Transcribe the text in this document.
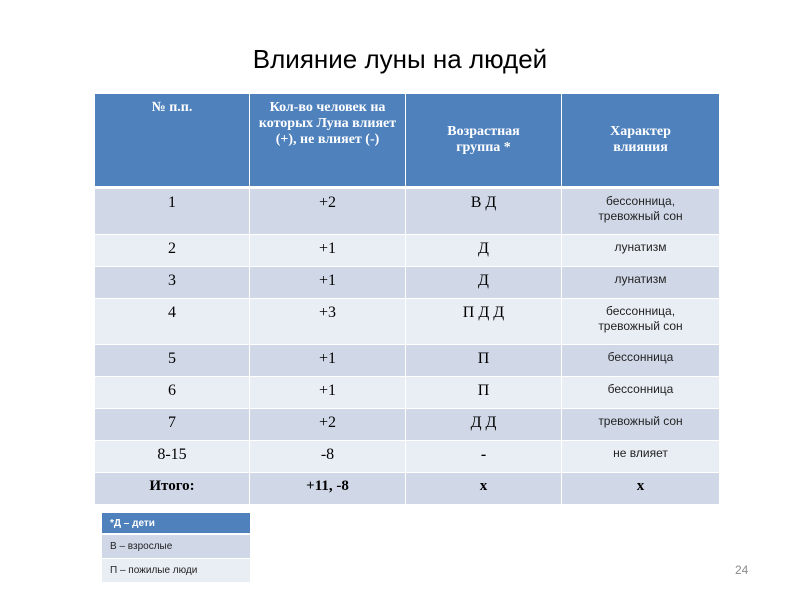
Влияние луны на людей
№ п.п.	Кол-во человек на которых Луна влияет (+), не влияет (-)	Возрастная группа *	Характер влияния
1	+2	В Д	бессонница, тревожный сон
2	+1	Д	лунатизм
3	+1	Д	лунатизм
4	+3	П Д Д	бессонница, тревожный сон
5	+1	П	бессонница
6	+1	П	бессонница
7	+2	Д Д	тревожный сон
8-15	-8	-	не влияет
Итого:	+11, -8	х	х
*Д – дети
В – взрослые
П – пожилые люди	24
